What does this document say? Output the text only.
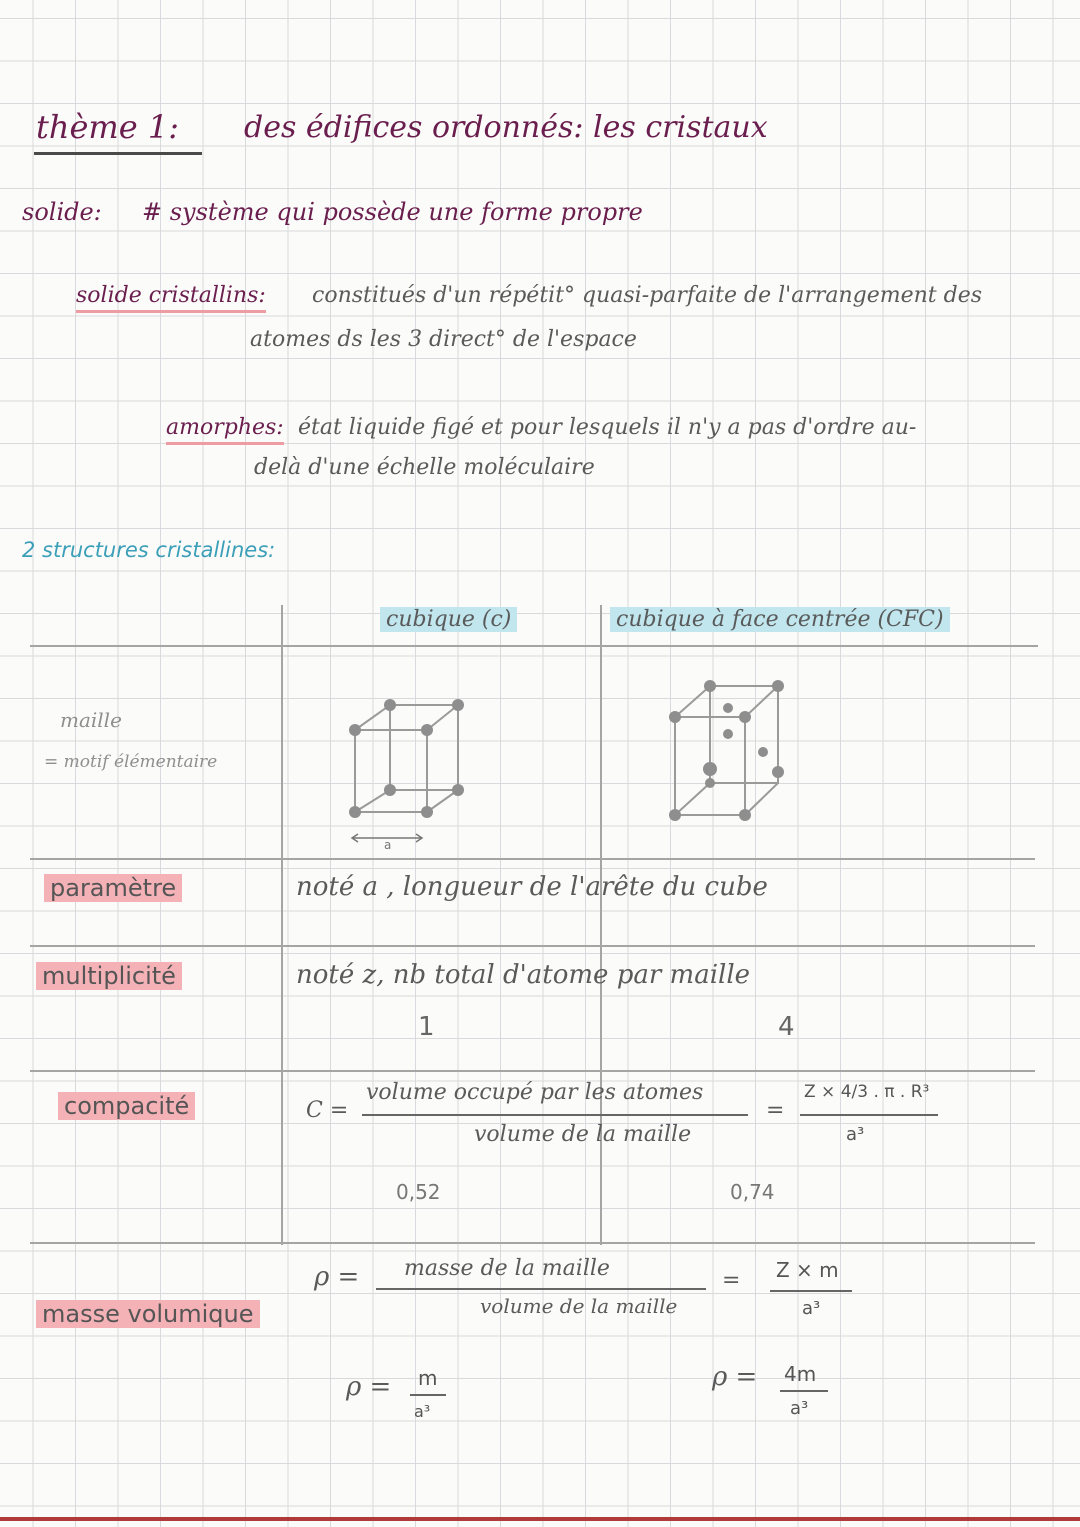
thème 1: des édifices ordonnés: les cristaux
solide: # système qui possède une forme propre
solide cristallins: constitués d'un répétit° quasi-parfaite de l'arrangement des
atomes ds les 3 direct° de l'espace
amorphes: état liquide figé et pour lesquels il n'y a pas d'ordre au-
delà d'une échelle moléculaire
2 structures cristallines:
cubique (c)	cubique à face centrée (CFC)
maille
= motif élémentaire
a
paramètre	noté a , longueur de l'arête du cube
multiplicité	noté z, nb total d'atome par maille
1	4
compacité	C =
volume occupé par les atomes
volume de la maille
=
Z × 4/3 . π . R³
a³
0,52	0,74
masse volumique
ρ = masse de la maille
volume de la maille
= Z × m
a³
ρ = m
a³
ρ = 4m
a³
